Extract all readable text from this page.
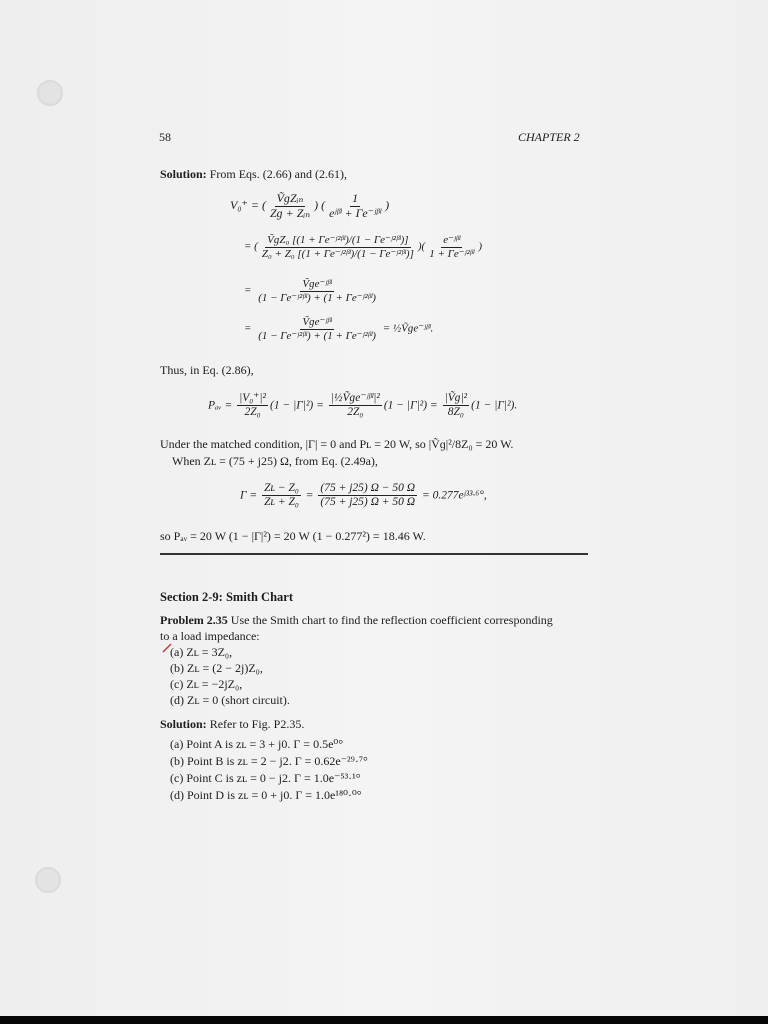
58	CHAPTER 2
Solution: From Eqs. (2.66) and (2.61),
V₀⁺ = ( $\frac{\text{ṼɡZᵢₙ}}{\text{Zɡ + Zᵢₙ}}$ ) ( $\frac{1}{\text{eʲᵝˡ + Γe⁻ʲᵝˡ}}$ )
= ( $\frac{\text{ṼɡZ₀ [(1 + Γe⁻ʲ²ᵝˡ)/(1 − Γe⁻ʲ²ᵝˡ)]}}{\text{Z₀ + Z₀ [(1 + Γe⁻ʲ²ᵝˡ)/(1 − Γe⁻ʲ²ᵝˡ)]}}$ )( $\frac{\text{e⁻ʲᵝˡ}}{\text{1 + Γe⁻ʲ²ᵝˡ}}$ )
= $\frac{\text{Ṽɡe⁻ʲᵝˡ}}{\text{(1 − Γe⁻ʲ²ᵝˡ) + (1 + Γe⁻ʲ²ᵝˡ)}}$
= $\frac{\text{Ṽɡe⁻ʲᵝˡ}}{\text{(1 − Γe⁻ʲ²ᵝˡ) + (1 + Γe⁻ʲ²ᵝˡ)}}$ = ½Ṽɡe⁻ʲᵝˡ.
Thus, in Eq. (2.86),
Pₐᵥ = $\frac{\text{|V₀⁺|²}}{\text{2Z₀}} (1 - |\Gamma|^2) = \frac{\text{|½Ṽɡe⁻ʲᵝˡ|²}}{\text{2Z₀}} (1 - |\Gamma|^2) = \frac{\text{|Ṽɡ|²}}{\text{8Z₀}} (1 - |\Gamma|^2)$.
Under the matched condition, |Γ| = 0 and Pʟ = 20 W, so |Ṽɡ|²/8Z₀ = 20 W.
When Zʟ = (75 + j25) Ω, from Eq. (2.49a),
$\Gamma = \frac{\text{Zʟ − Z₀}}{\text{Zʟ + Z₀}} = \frac{(75 + j25) \Omega - 50 \Omega}{(75 + j25) \Omega + 50 \Omega}$ = 0.277eʲ³³·⁶°,
so Pₐᵥ = 20 W (1 − |Γ|²) = 20 W (1 − 0.277²) = 18.46 W.
Section 2-9: Smith Chart
Problem 2.35 Use the Smith chart to find the reflection coefficient corresponding
to a load impedance:
(a) Zʟ = 3Z₀,
(b) Zʟ = (2 − 2j)Z₀,
(c) Zʟ = −2jZ₀,
(d) Zʟ = 0 (short circuit).
Solution: Refer to Fig. P2.35.
(a) Point A is zʟ = 3 + j0. Γ = 0.5e⁰°
(b) Point B is zʟ = 2 − j2. Γ = 0.62e⁻²⁹·⁷°
(c) Point C is zʟ = 0 − j2. Γ = 1.0e⁻⁵³·¹°
(d) Point D is zʟ = 0 + j0. Γ = 1.0e¹⁸⁰·⁰°
